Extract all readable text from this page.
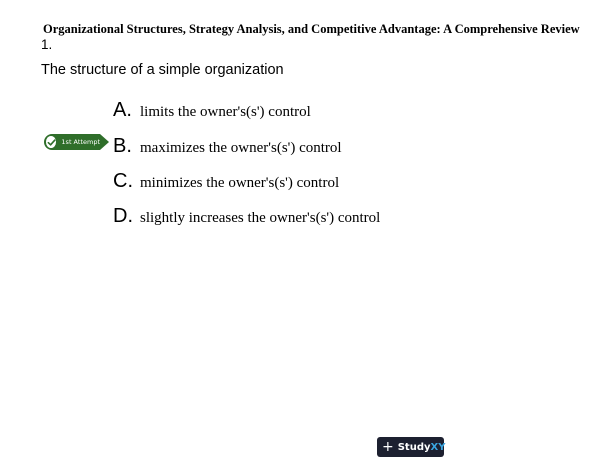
Organizational Structures, Strategy Analysis, and Competitive Advantage: A Comprehensive Review
1.
The structure of a simple organization
1st Attempt
A. limits the owner's(s') control
B. maximizes the owner's(s') control
C. minimizes the owner's(s') control
D. slightly increases the owner's(s') control
+ StudyXY
